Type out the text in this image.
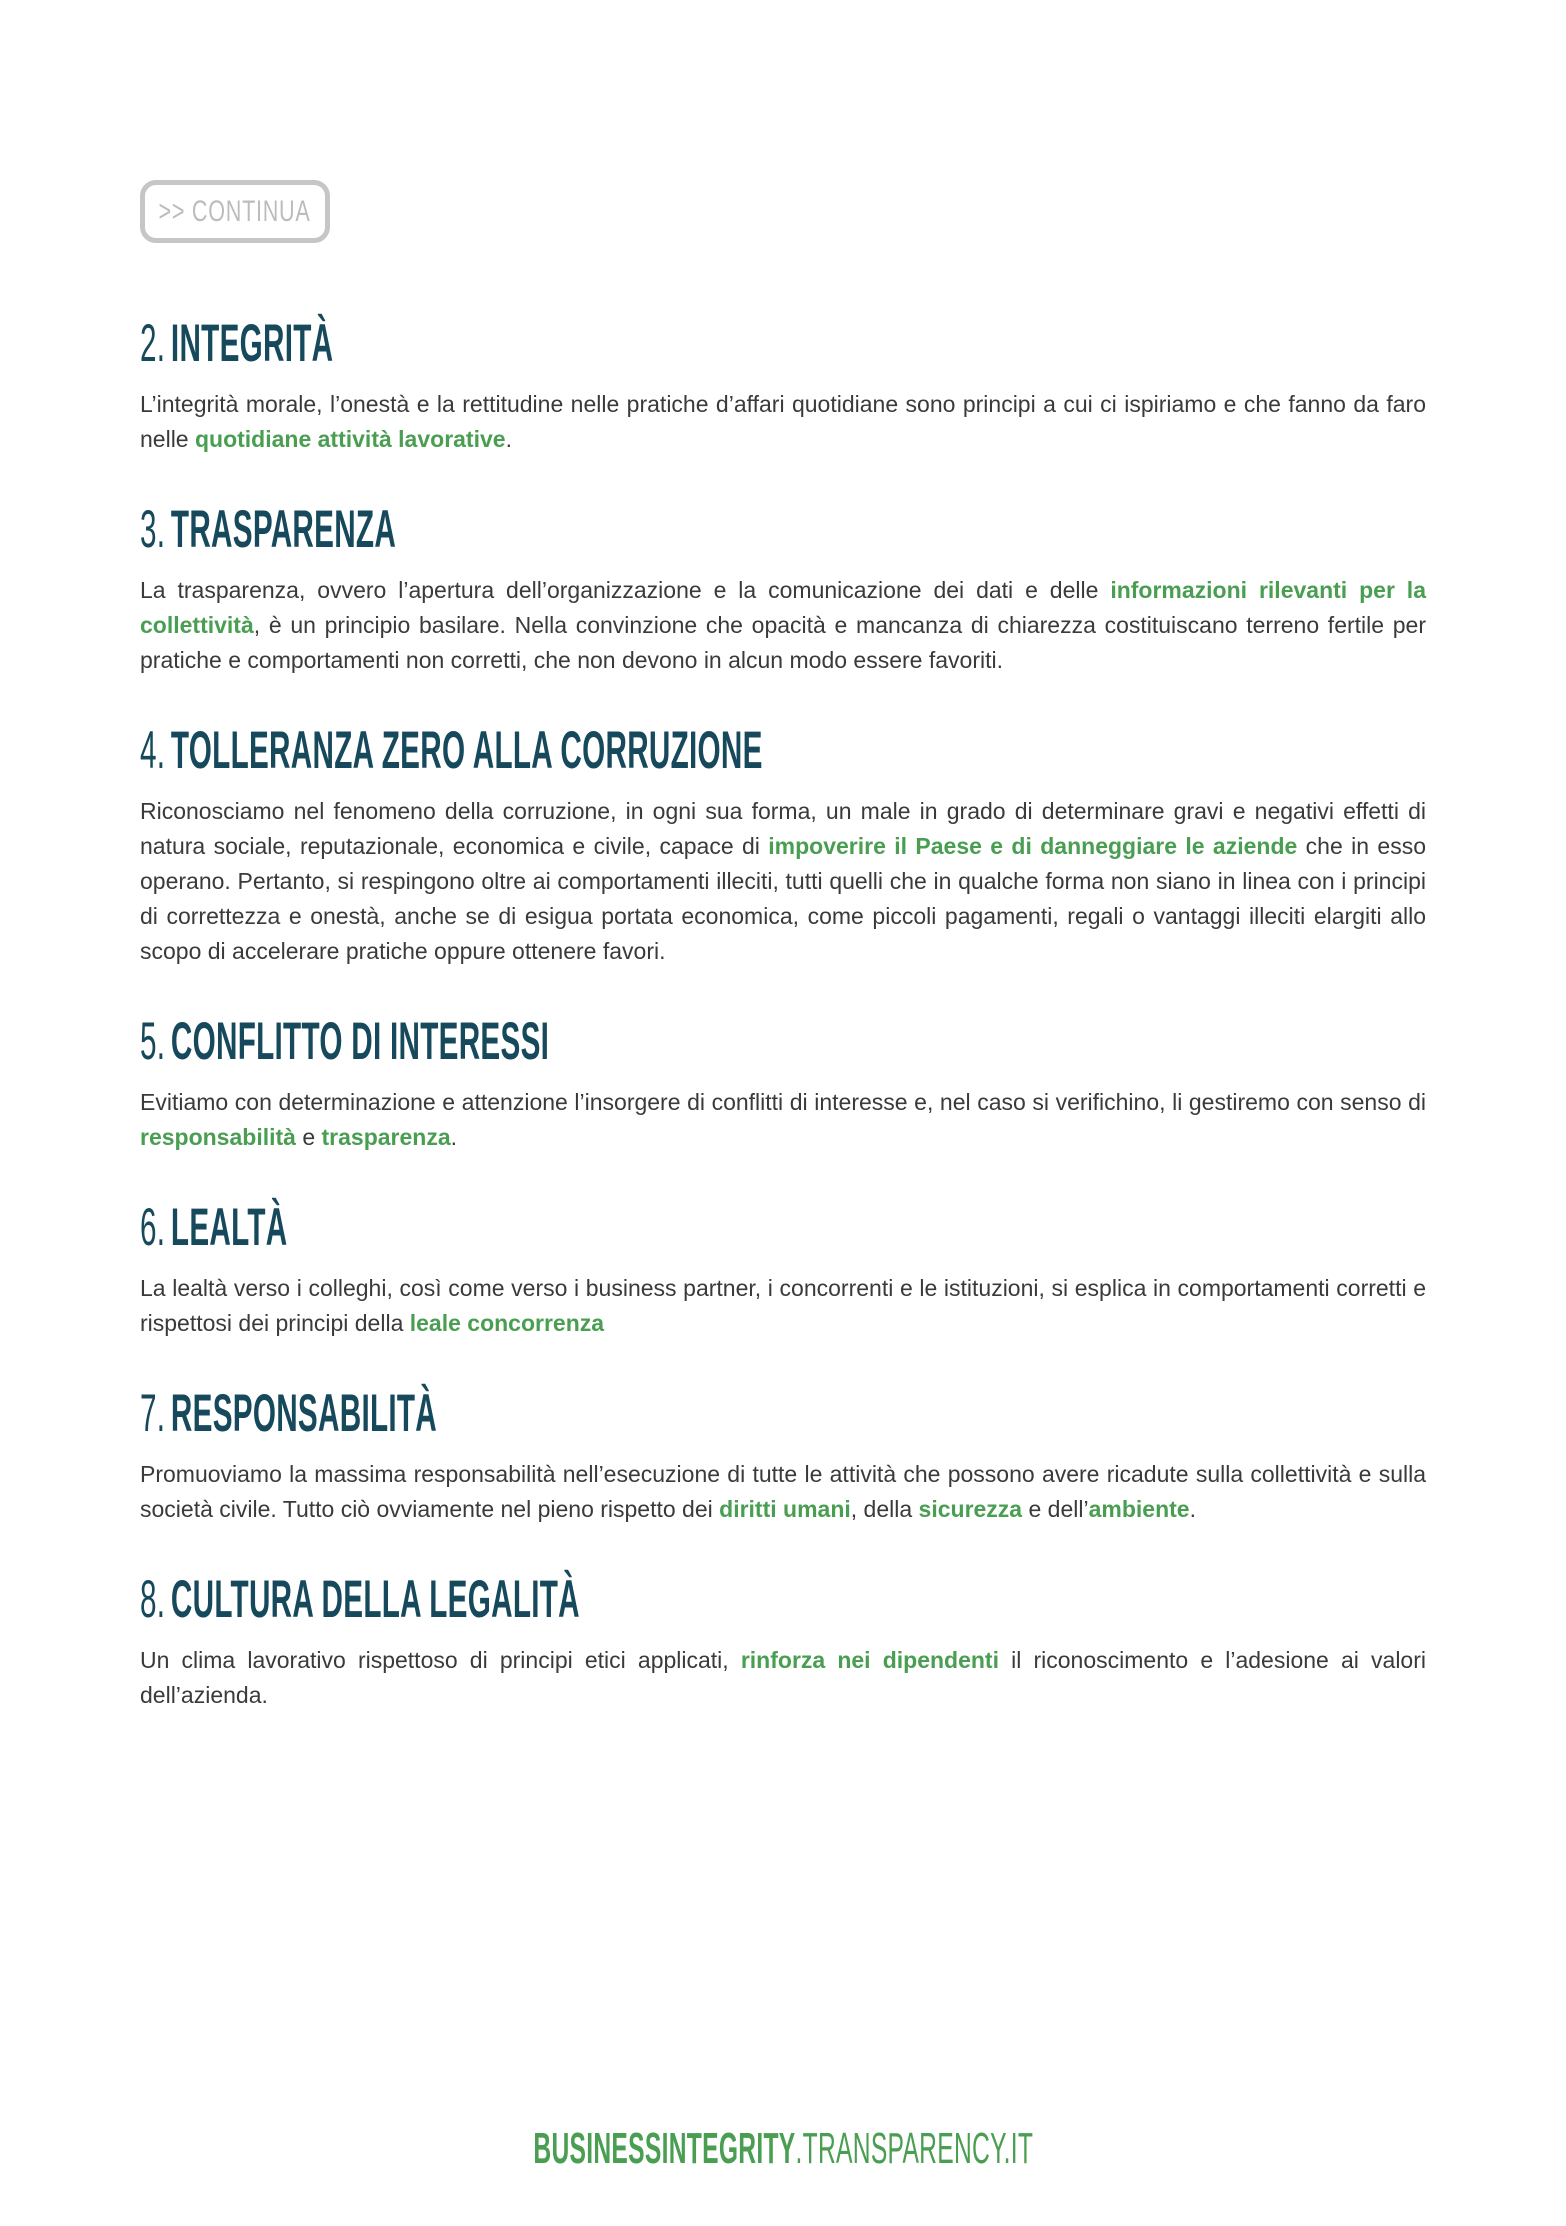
>> CONTINUA
2. INTEGRITÀ

L’integrità morale, l’onestà e la rettitudine nelle pratiche d’affari quotidiane sono principi a cui ci ispiriamo e che fanno da faro nelle quotidiane attività lavorative.

3. TRASPARENZA

La trasparenza, ovvero l’apertura dell’organizzazione e la comunicazione dei dati e delle informazioni rilevanti per la collettività, è un principio basilare. Nella convinzione che opacità e mancanza di chiarezza costituiscano terreno fertile per pratiche e comportamenti non corretti, che non devono in alcun modo essere favoriti.

4. TOLLERANZA ZERO ALLA CORRUZIONE

Riconosciamo nel fenomeno della corruzione, in ogni sua forma, un male in grado di determinare gravi e negativi effetti di natura sociale, reputazionale, economica e civile, capace di impoverire il Paese e di danneggiare le aziende che in esso operano. Pertanto, si respingono oltre ai comportamenti illeciti, tutti quelli che in qualche forma non siano in linea con i principi di correttezza e onestà, anche se di esigua portata economica, come piccoli pagamenti, regali o vantaggi illeciti elargiti allo scopo di accelerare pratiche oppure ottenere favori.

5. CONFLITTO DI INTERESSI

Evitiamo con determinazione e attenzione l’insorgere di conflitti di interesse e, nel caso si verifichino, li gestiremo con senso di responsabilità e trasparenza.

6. LEALTÀ

La lealtà verso i colleghi, così come verso i business partner, i concorrenti e le istituzioni, si esplica in comportamenti corretti e rispettosi dei principi della leale concorrenza

7. RESPONSABILITÀ

Promuoviamo la massima responsabilità nell’esecuzione di tutte le attività che possono avere ricadute sulla collettività e sulla società civile. Tutto ciò ovviamente nel pieno rispetto dei diritti umani, della sicurezza e dell’ambiente.

8. CULTURA DELLA LEGALITÀ

Un clima lavorativo rispettoso di principi etici applicati, rinforza nei dipendenti il riconoscimento e l’adesione ai valori dell’azienda.

BUSINESSINTEGRITY.TRANSPARENCY.IT
